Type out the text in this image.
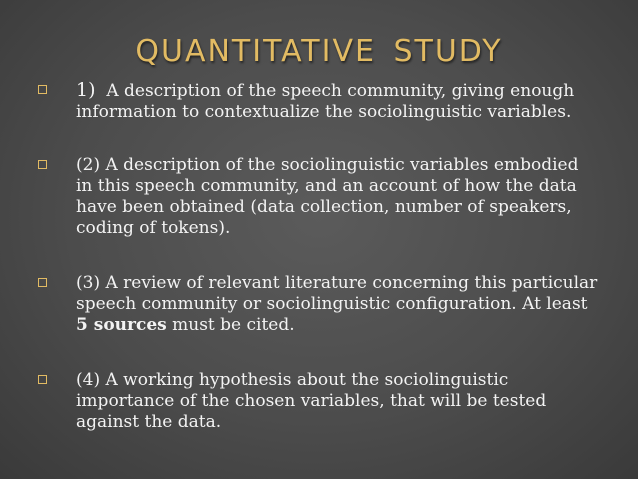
QUANTITATIVE STUDY
1) A description of the speech community, giving enough
information to contextualize the sociolinguistic variables.
(2) A description of the sociolinguistic variables embodied
in this speech community, and an account of how the data
have been obtained (data collection, number of speakers,
coding of tokens).
(3) A review of relevant literature concerning this particular
speech community or sociolinguistic configuration. At least
5 sources must be cited.
(4) A working hypothesis about the sociolinguistic
importance of the chosen variables, that will be tested
against the data.
